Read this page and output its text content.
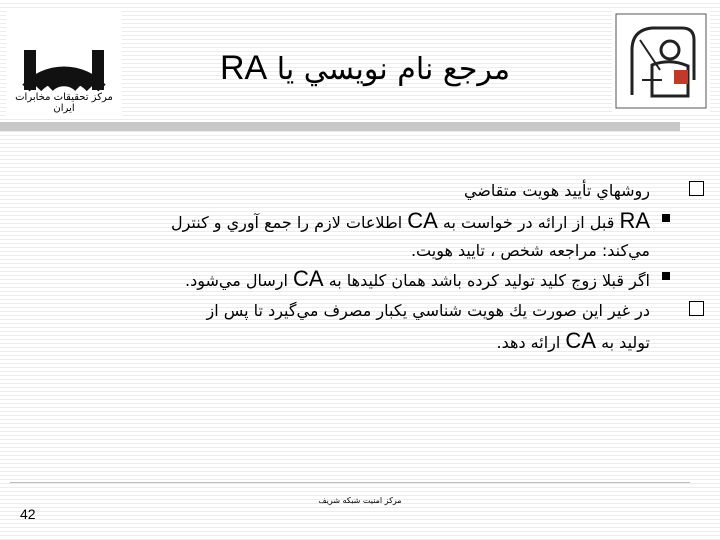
مرکز تحقیقات مخابرات ایران
مرجع نام نويسي يا RA
روشهاي تأييد هويت متقاضي
RA قبل از ارائه در خواست به CA اطلاعات لازم را جمع آوري و كنترل
مي‌كند: مراجعه شخص ، تاييد هويت.
اگر قبلا زوج كليد توليد كرده باشد همان كليدها به CA ارسال مي‌شود.
در غير اين صورت يك هويت شناسي يكبار مصرف مي‌گيرد تا پس از
توليد به CA ارائه دهد.
مرکز امنیت شبکه شریف
42
